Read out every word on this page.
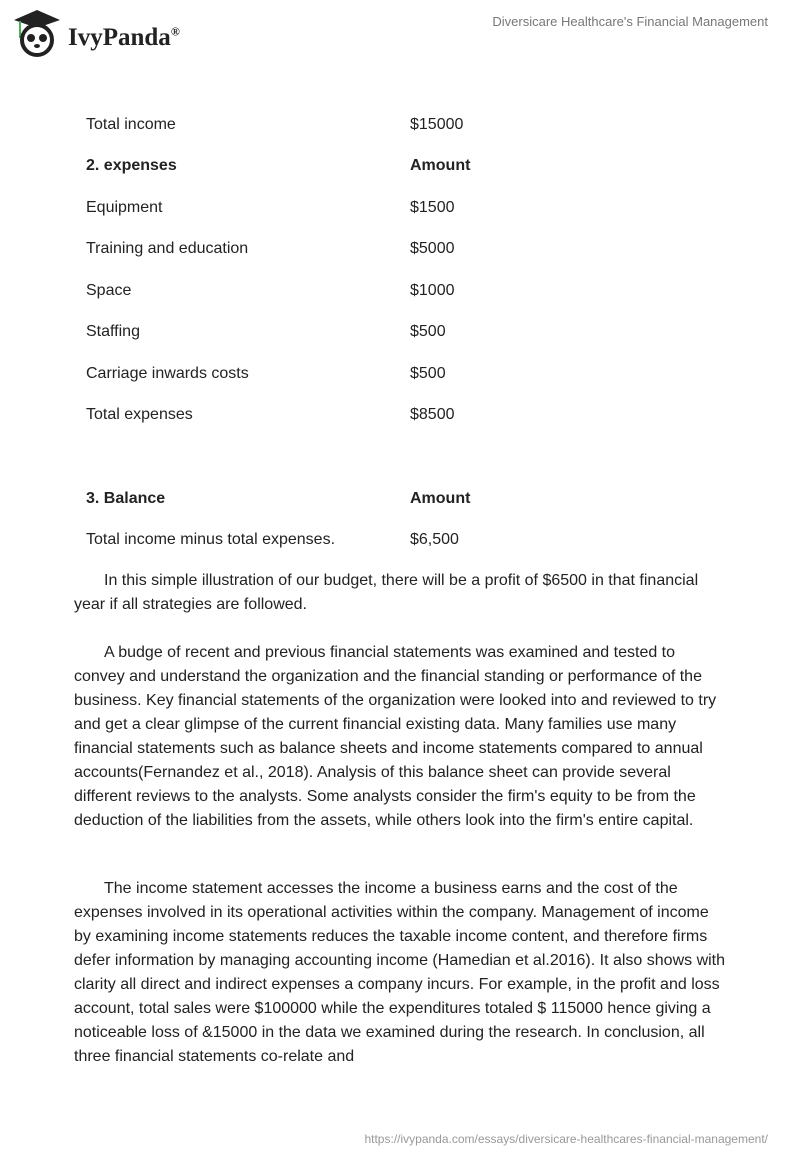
IvyPanda®
Diversicare Healthcare's Financial Management
Total income	$15000
2. expenses	Amount
Equipment	$1500
Training and education	$5000
Space	$1000
Staffing	$500
Carriage inwards costs	$500
Total expenses	$8500
3. Balance	Amount
Total income minus total expenses.	$6,500

In this simple illustration of our budget, there will be a profit of $6500 in that financial year if all strategies are followed.

A budge of recent and previous financial statements was examined and tested to convey and understand the organization and the financial standing or performance of the business. Key financial statements of the organization were looked into and reviewed to try and get a clear glimpse of the current financial existing data. Many families use many financial statements such as balance sheets and income statements compared to annual accounts(Fernandez et al., 2018). Analysis of this balance sheet can provide several different reviews to the analysts. Some analysts consider the firm's equity to be from the deduction of the liabilities from the assets, while others look into the firm's entire capital.

The income statement accesses the income a business earns and the cost of the expenses involved in its operational activities within the company. Management of income by examining income statements reduces the taxable income content, and therefore firms defer information by managing accounting income (Hamedian et al.2016). It also shows with clarity all direct and indirect expenses a company incurs. For example, in the profit and loss account, total sales were $100000 while the expenditures totaled $ 115000 hence giving a noticeable loss of &15000 in the data we examined during the research. In conclusion, all three financial statements co-relate and

https://ivypanda.com/essays/diversicare-healthcares-financial-management/
